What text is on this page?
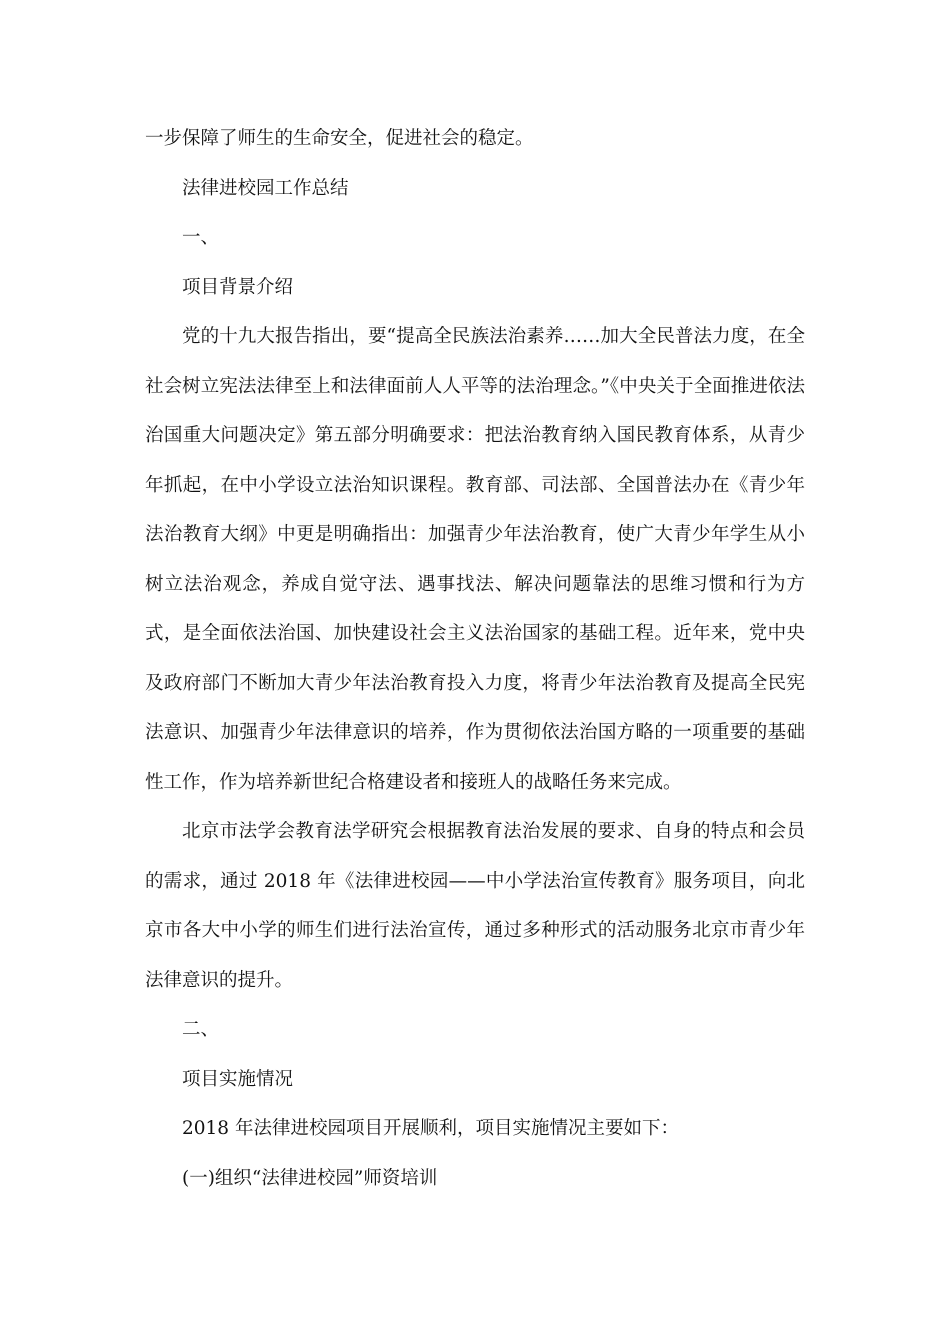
一步保障了师生的生命安全，促进社会的稳定。

法律进校园工作总结

一、

项目背景介绍

党的十九大报告指出，要“提高全民族法治素养……加大全民普法力度，在全社会树立宪法法律至上和法律面前人人平等的法治理念。”《中央关于全面推进依法治国重大问题决定》第五部分明确要求：把法治教育纳入国民教育体系，从青少年抓起，在中小学设立法治知识课程。教育部、司法部、全国普法办在《青少年法治教育大纲》中更是明确指出：加强青少年法治教育，使广大青少年学生从小树立法治观念，养成自觉守法、遇事找法、解决问题靠法的思维习惯和行为方式，是全面依法治国、加快建设社会主义法治国家的基础工程。近年来，党中央及政府部门不断加大青少年法治教育投入力度，将青少年法治教育及提高全民宪法意识、加强青少年法律意识的培养，作为贯彻依法治国方略的一项重要的基础性工作，作为培养新世纪合格建设者和接班人的战略任务来完成。

北京市法学会教育法学研究会根据教育法治发展的要求、自身的特点和会员的需求，通过 2018 年《法律进校园——中小学法治宣传教育》服务项目，向北京市各大中小学的师生们进行法治宣传，通过多种形式的活动服务北京市青少年法律意识的提升。

二、

项目实施情况

2018 年法律进校园项目开展顺利，项目实施情况主要如下：

(一)组织“法律进校园”师资培训
